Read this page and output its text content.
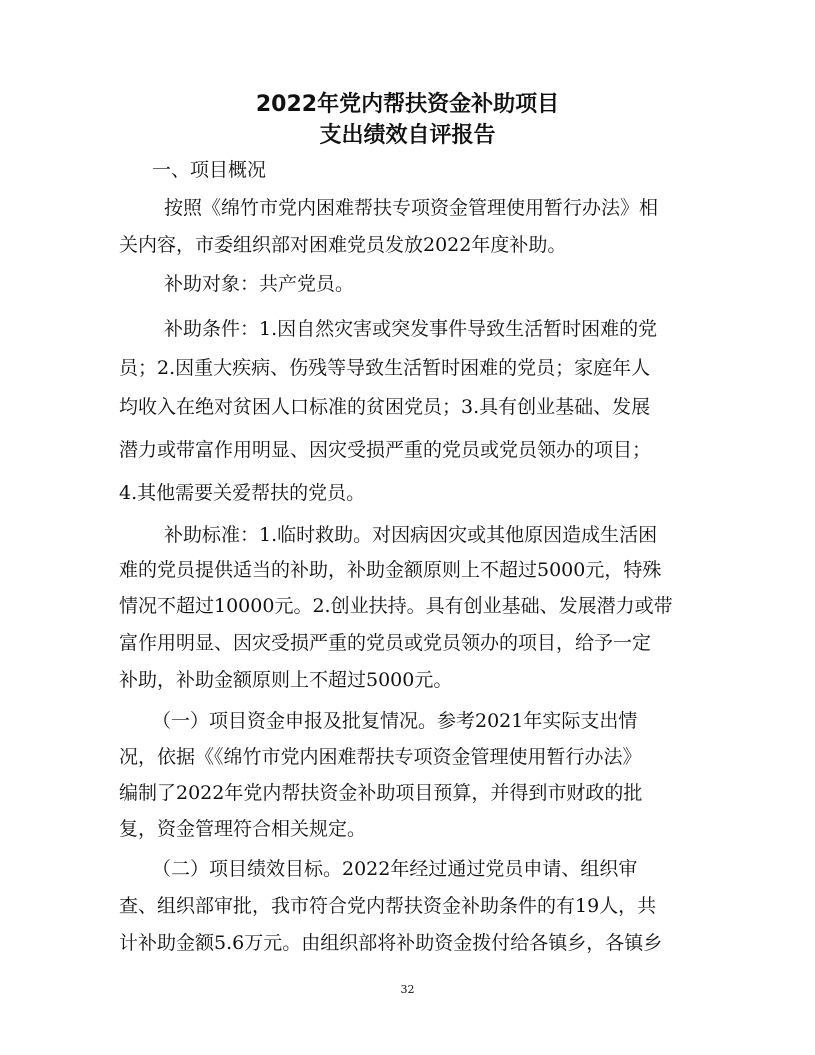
2022年党内帮扶资金补助项目
支出绩效自评报告

一、项目概况

按照《绵竹市党内困难帮扶专项资金管理使用暂行办法》相

关内容，市委组织部对困难党员发放2022年度补助。

补助对象：共产党员。

补助条件：1.因自然灾害或突发事件导致生活暂时困难的党

员；2.因重大疾病、伤残等导致生活暂时困难的党员；家庭年人

均收入在绝对贫困人口标准的贫困党员；3.具有创业基础、发展

潜力或带富作用明显、因灾受损严重的党员或党员领办的项目；

4.其他需要关爱帮扶的党员。

补助标准：1.临时救助。对因病因灾或其他原因造成生活困

难的党员提供适当的补助，补助金额原则上不超过5000元，特殊

情况不超过10000元。2.创业扶持。具有创业基础、发展潜力或带

富作用明显、因灾受损严重的党员或党员领办的项目，给予一定

补助，补助金额原则上不超过5000元。

（一）项目资金申报及批复情况。参考2021年实际支出情

况，依据《《绵竹市党内困难帮扶专项资金管理使用暂行办法》

编制了2022年党内帮扶资金补助项目预算，并得到市财政的批

复，资金管理符合相关规定。

（二）项目绩效目标。2022年经过通过党员申请、组织审

查、组织部审批，我市符合党内帮扶资金补助条件的有19人，共

计补助金额5.6万元。由组织部将补助资金拨付给各镇乡，各镇乡

32
